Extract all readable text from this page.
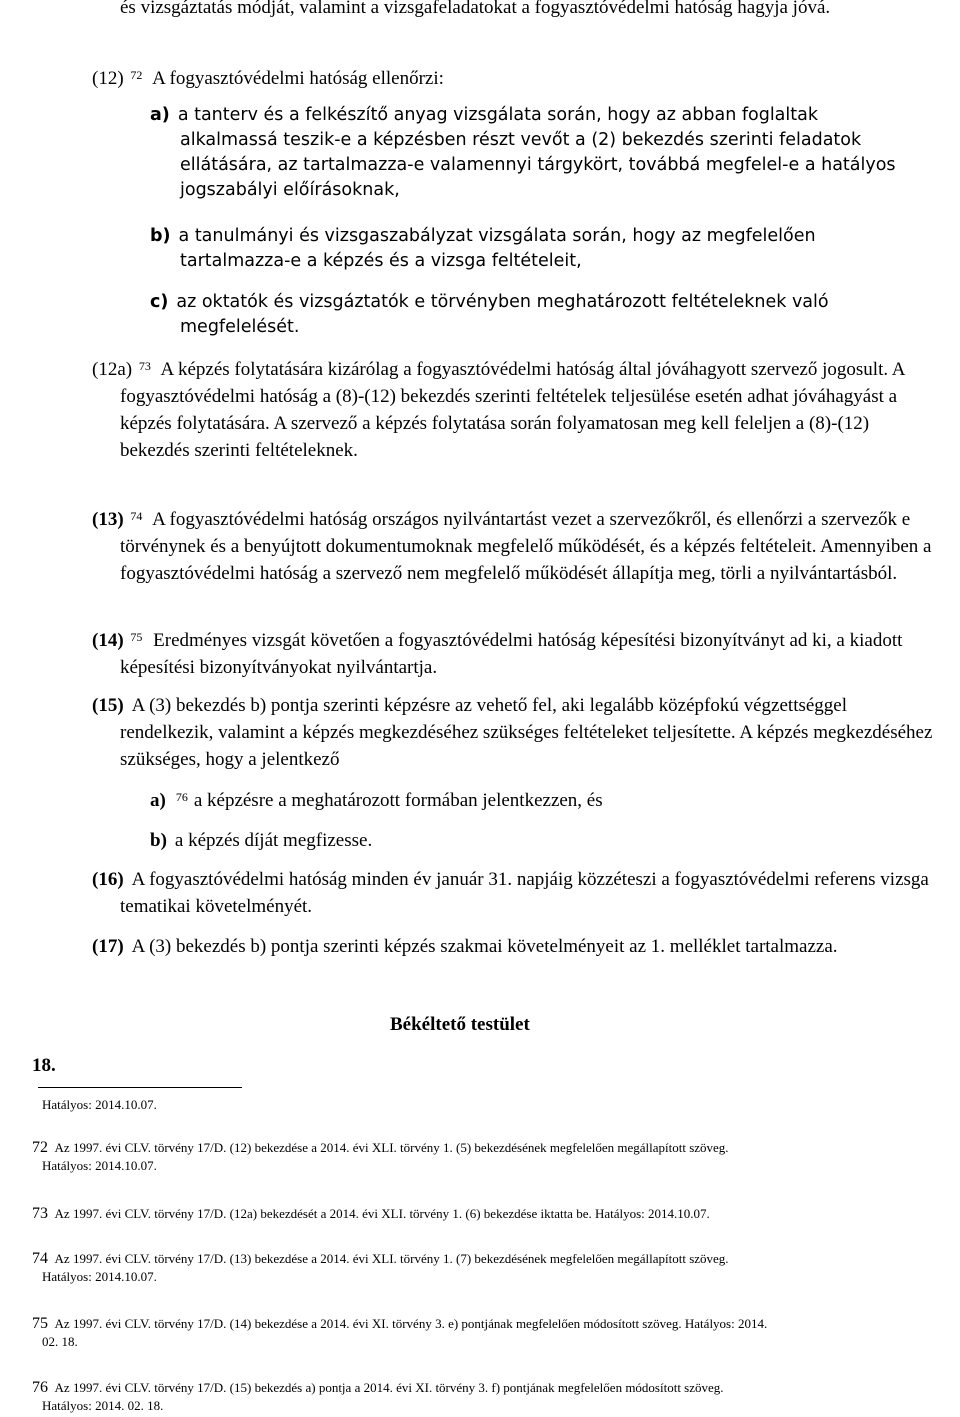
és vizsgáztatás módját, valamint a vizsgafeladatokat a fogyasztóvédelmi hatóság hagyja jóvá.
(12) $^{72}$ A fogyasztóvédelmi hatóság ellenőrzi:
a) a tanterv és a felkészítő anyag vizsgálata során, hogy az abban foglaltak alkalmassá teszik-e a képzésben részt vevőt a (2) bekezdés szerinti feladatok ellátására, az tartalmazza-e valamennyi tárgykört, továbbá megfelel-e a hatályos jogszabályi előírásoknak,
b) a tanulmányi és vizsgaszabályzat vizsgálata során, hogy az megfelelően tartalmazza-e a képzés és a vizsga feltételeit,
c) az oktatók és vizsgáztatók e törvényben meghatározott feltételeknek való megfelelését.
(12a) $^{73}$ A képzés folytatására kizárólag a fogyasztóvédelmi hatóság által jóváhagyott szervező jogosult. A fogyasztóvédelmi hatóság a (8)-(12) bekezdés szerinti feltételek teljesülése esetén adhat jóváhagyást a képzés folytatására. A szervező a képzés folytatása során folyamatosan meg kell feleljen a (8)-(12) bekezdés szerinti feltételeknek.
(13) $^{74}$ A fogyasztóvédelmi hatóság országos nyilvántartást vezet a szervezőkről, és ellenőrzi a szervezők e törvénynek és a benyújtott dokumentumoknak megfelelő működését, és a képzés feltételeit. Amennyiben a fogyasztóvédelmi hatóság a szervező nem megfelelő működését állapítja meg, törli a nyilvántartásból.
(14) $^{75}$ Eredményes vizsgát követően a fogyasztóvédelmi hatóság képesítési bizonyítványt ad ki, a kiadott képesítési bizonyítványokat nyilvántartja.
(15) A (3) bekezdés b) pontja szerinti képzésre az vehető fel, aki legalább középfokú végzettséggel rendelkezik, valamint a képzés megkezdéséhez szükséges feltételeket teljesítette. A képzés megkezdéséhez szükséges, hogy a jelentkező
a) $^{76}$ a képzésre a meghatározott formában jelentkezzen, és
b) a képzés díját megfizesse.
(16) A fogyasztóvédelmi hatóság minden év január 31. napjáig közzéteszi a fogyasztóvédelmi referens vizsga tematikai követelményét.
(17) A (3) bekezdés b) pontja szerinti képzés szakmai követelményeit az 1. melléklet tartalmazza.
Békéltető testület
18.
Hatályos: 2014.10.07.
72 Az 1997. évi CLV. törvény 17/D. (12) bekezdése a 2014. évi XLI. törvény 1. (5) bekezdésének megfelelően megállapított szöveg.
Hatályos: 2014.10.07.
73 Az 1997. évi CLV. törvény 17/D. (12a) bekezdését a 2014. évi XLI. törvény 1. (6) bekezdése iktatta be. Hatályos: 2014.10.07.
74 Az 1997. évi CLV. törvény 17/D. (13) bekezdése a 2014. évi XLI. törvény 1. (7) bekezdésének megfelelően megállapított szöveg.
Hatályos: 2014.10.07.
75 Az 1997. évi CLV. törvény 17/D. (14) bekezdése a 2014. évi XI. törvény 3. e) pontjának megfelelően módosított szöveg. Hatályos: 2014.
02. 18.
76 Az 1997. évi CLV. törvény 17/D. (15) bekezdés a) pontja a 2014. évi XI. törvény 3. f) pontjának megfelelően módosított szöveg.
Hatályos: 2014. 02. 18.
